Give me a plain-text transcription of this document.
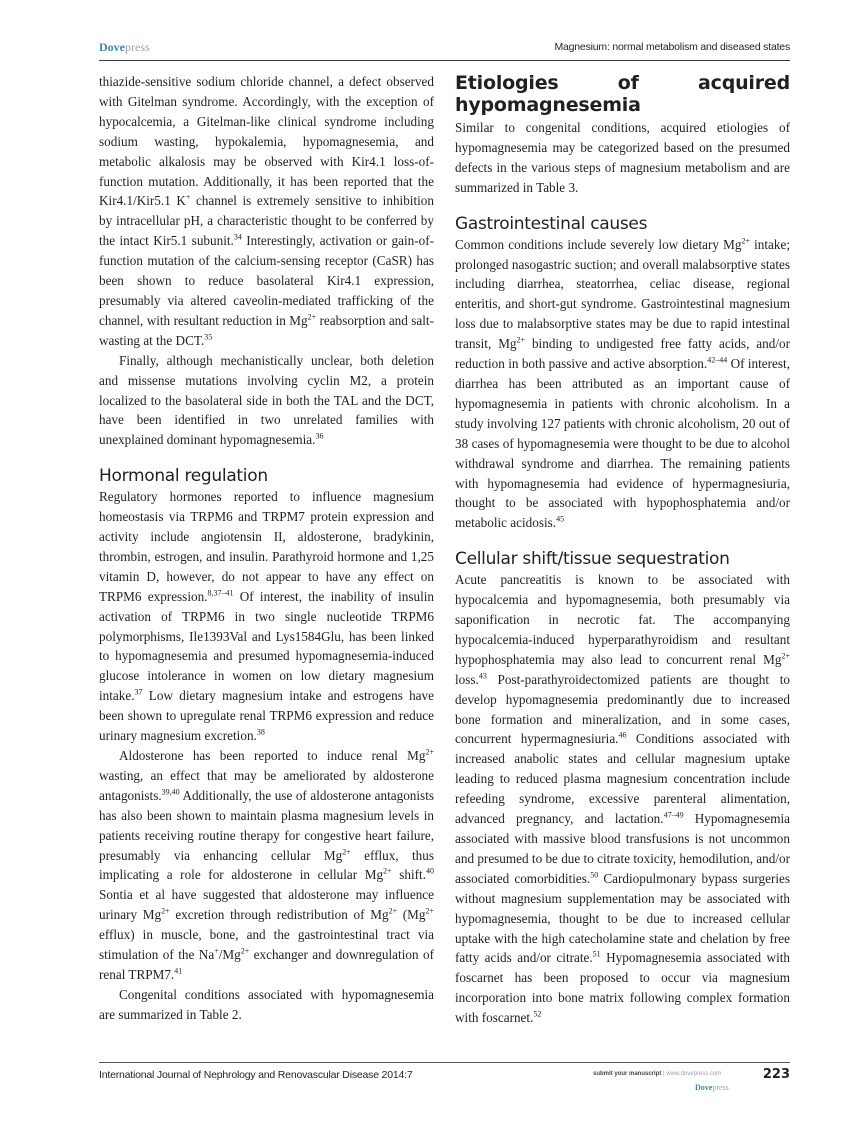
Dovepress	Magnesium: normal metabolism and diseased states

thiazide-sensitive sodium chloride channel, a defect observed with Gitelman syndrome. Accordingly, with the exception of hypocalcemia, a Gitelman-like clinical syndrome including sodium wasting, hypokalemia, hypomagnesemia, and metabolic alkalosis may be observed with Kir4.1 loss-of-function mutation. Additionally, it has been reported that the Kir4.1/Kir5.1 K+ channel is extremely sensitive to inhibition by intracellular pH, a characteristic thought to be conferred by the intact Kir5.1 subunit.$^{34}$ Interestingly, activation or gain-of-function mutation of the calcium-sensing receptor (CaSR) has been shown to reduce basolateral Kir4.1 expression, presumably via altered caveolin-mediated trafficking of the channel, with resultant reduction in $Mg^{2+}$ reabsorption and salt-wasting at the DCT.$^{35}$

Finally, although mechanistically unclear, both deletion and missense mutations involving cyclin M2, a protein localized to the basolateral side in both the TAL and the DCT, have been identified in two unrelated families with unexplained dominant hypomagnesemia.$^{36}$

Hormonal regulation

Regulatory hormones reported to influence magnesium homeostasis via TRPM6 and TRPM7 protein expression and activity include angiotensin II, aldosterone, bradykinin, thrombin, estrogen, and insulin. Parathyroid hormone and 1,25 vitamin D, however, do not appear to have any effect on TRPM6 expression.$^{8,37-41}$ Of interest, the inability of insulin activation of TRPM6 in two single nucleotide TRPM6 polymorphisms, Ile1393Val and Lys1584Glu, has been linked to hypomagnesemia and presumed hypomagnesemia-induced glucose intolerance in women on low dietary magnesium intake.$^{37}$ Low dietary magnesium intake and estrogens have been shown to upregulate renal TRPM6 expression and reduce urinary magnesium excretion.$^{38}$

Aldosterone has been reported to induce renal $Mg^{2+}$ wasting, an effect that may be ameliorated by aldosterone antagonists.$^{39,40}$ Additionally, the use of aldosterone antagonists has also been shown to maintain plasma magnesium levels in patients receiving routine therapy for congestive heart failure, presumably via enhancing cellular $Mg^{2+}$ efflux, thus implicating a role for aldosterone in cellular $Mg^{2+}$ shift.$^{40}$ Sontia et al have suggested that aldosterone may influence urinary $Mg^{2+}$ excretion through redistribution of $Mg^{2+}$ ($Mg^{2+}$ efflux) in muscle, bone, and the gastrointestinal tract via stimulation of the $Na^+/Mg^{2+}$ exchanger and downregulation of renal TRPM7.41

Congenital conditions associated with hypomagnesemia are summarized in Table 2.

Etiologies of acquired hypomagnesemia

Similar to congenital conditions, acquired etiologies of hypomagnesemia may be categorized based on the presumed defects in the various steps of magnesium metabolism and are summarized in Table 3.

Gastrointestinal causes

Common conditions include severely low dietary $Mg^{2+}$ intake; prolonged nasogastric suction; and overall malabsorptive states including diarrhea, steatorrhea, celiac disease, regional enteritis, and short-gut syndrome. Gastrointestinal magnesium loss due to malabsorptive states may be due to rapid intestinal transit, $Mg^{2+}$ binding to undigested free fatty acids, and/or reduction in both passive and active absorption.$^{42-44}$ Of interest, diarrhea has been attributed as an important cause of hypomagnesemia in patients with chronic alcoholism. In a study involving 127 patients with chronic alcoholism, 20 out of 38 cases of hypomagnesemia were thought to be due to alcohol withdrawal syndrome and diarrhea. The remaining patients with hypomagnesemia had evidence of hypermagnesiuria, thought to be associated with hypophosphatemia and/or metabolic acidosis.$^{45}$

Cellular shift/tissue sequestration

Acute pancreatitis is known to be associated with hypocalcemia and hypomagnesemia, both presumably via saponification in necrotic fat. The accompanying hypocalcemia-induced hyperparathyroidism and resultant hypophosphatemia may also lead to concurrent renal $Mg^{2+}$ loss.$^{43}$ Post-parathyroidectomized patients are thought to develop hypomagnesemia predominantly due to increased bone formation and mineralization, and in some cases, concurrent hypermagnesiuria.$^{46}$ Conditions associated with increased anabolic states and cellular magnesium uptake leading to reduced plasma magnesium concentration include refeeding syndrome, excessive parenteral alimentation, advanced pregnancy, and lactation.$^{47-49}$ Hypomagnesemia associated with massive blood transfusions is not uncommon and presumed to be due to citrate toxicity, hemodilution, and/or associated comorbidities.$^{50}$ Cardiopulmonary bypass surgeries without magnesium supplementation may be associated with hypomagnesemia, thought to be due to increased cellular uptake with the high catecholamine state and chelation by free fatty acids and/or citrate.$^{51}$ Hypomagnesemia associated with foscarnet has been proposed to occur via magnesium incorporation into bone matrix following complex formation with foscarnet.$^{52}$

International Journal of Nephrology and Renovascular Disease 2014:7	submit your manuscript | www.dovepress.com	223
Dovepress
